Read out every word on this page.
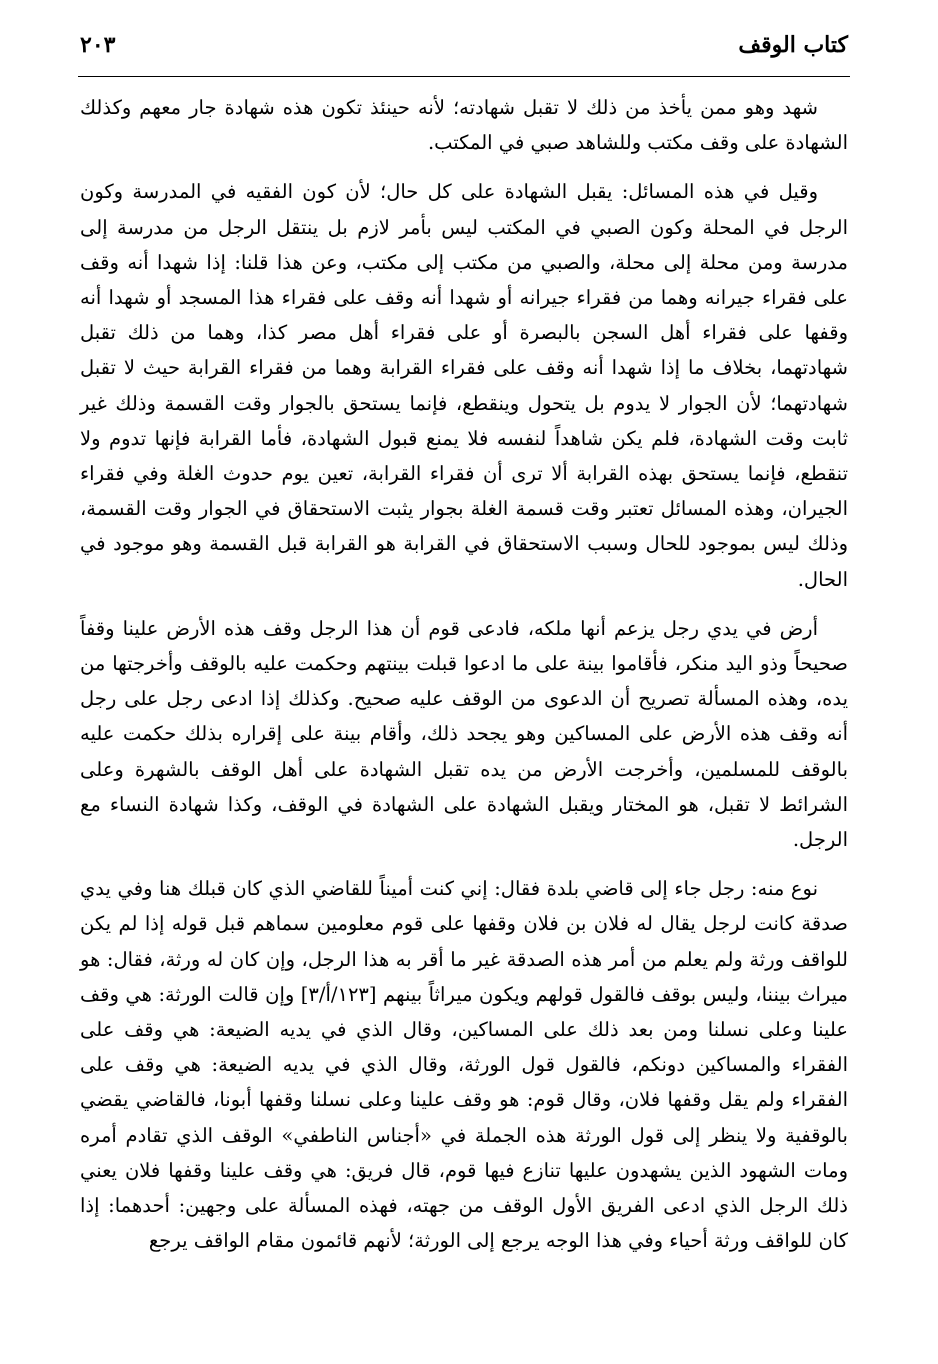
كتاب الوقف
٢٠٣

شهد وهو ممن يأخذ من ذلك لا تقبل شهادته؛ لأنه حينئذ تكون هذه شهادة جار معهم وكذلك الشهادة على وقف مكتب وللشاهد صبي في المكتب.

وقيل في هذه المسائل: يقبل الشهادة على كل حال؛ لأن كون الفقيه في المدرسة وكون الرجل في المحلة وكون الصبي في المكتب ليس بأمر لازم بل ينتقل الرجل من مدرسة إلى مدرسة ومن محلة إلى محلة، والصبي من مكتب إلى مكتب، وعن هذا قلنا: إذا شهدا أنه وقف على فقراء جيرانه وهما من فقراء جيرانه أو شهدا أنه وقف على فقراء هذا المسجد أو شهدا أنه وقفها على فقراء أهل السجن بالبصرة أو على فقراء أهل مصر كذا، وهما من ذلك تقبل شهادتهما، بخلاف ما إذا شهدا أنه وقف على فقراء القرابة وهما من فقراء القرابة حيث لا تقبل شهادتهما؛ لأن الجوار لا يدوم بل يتحول وينقطع، فإنما يستحق بالجوار وقت القسمة وذلك غير ثابت وقت الشهادة، فلم يكن شاهداً لنفسه فلا يمنع قبول الشهادة، فأما القرابة فإنها تدوم ولا تنقطع، فإنما يستحق بهذه القرابة ألا ترى أن فقراء القرابة، تعين يوم حدوث الغلة وفي فقراء الجيران، وهذه المسائل تعتبر وقت قسمة الغلة بجوار يثبت الاستحقاق في الجوار وقت القسمة، وذلك ليس بموجود للحال وسبب الاستحقاق في القرابة هو القرابة قبل القسمة وهو موجود في الحال.

أرض في يدي رجل يزعم أنها ملكه، فادعى قوم أن هذا الرجل وقف هذه الأرض علينا وقفاً صحيحاً وذو اليد منكر، فأقاموا بينة على ما ادعوا قبلت بينتهم وحكمت عليه بالوقف وأخرجتها من يده، وهذه المسألة تصريح أن الدعوى من الوقف عليه صحيح. وكذلك إذا ادعى رجل على رجل أنه وقف هذه الأرض على المساكين وهو يجحد ذلك، وأقام بينة على إقراره بذلك حكمت عليه بالوقف للمسلمين، وأخرجت الأرض من يده تقبل الشهادة على أهل الوقف بالشهرة وعلى الشرائط لا تقبل، هو المختار ويقبل الشهادة على الشهادة في الوقف، وكذا شهادة النساء مع الرجل.

نوع منه: رجل جاء إلى قاضي بلدة فقال: إني كنت أميناً للقاضي الذي كان قبلك هنا وفي يدي صدقة كانت لرجل يقال له فلان بن فلان وقفها على قوم معلومين سماهم قبل قوله إذا لم يكن للواقف ورثة ولم يعلم من أمر هذه الصدقة غير ما أقر به هذا الرجل، وإن كان له ورثة، فقال: هو ميراث بيننا، وليس بوقف فالقول قولهم ويكون ميراثاً بينهم [١٢٣/أ/٣] وإن قالت الورثة: هي وقف علينا وعلى نسلنا ومن بعد ذلك على المساكين، وقال الذي في يديه الضيعة: هي وقف على الفقراء والمساكين دونكم، فالقول قول الورثة، وقال الذي في يديه الضيعة: هي وقف على الفقراء ولم يقل وقفها فلان، وقال قوم: هو وقف علينا وعلى نسلنا وقفها أبونا، فالقاضي يقضي بالوقفية ولا ينظر إلى قول الورثة هذه الجملة في «أجناس الناطفي» الوقف الذي تقادم أمره ومات الشهود الذين يشهدون عليها تنازع فيها قوم، قال فريق: هي وقف علينا وقفها فلان يعني ذلك الرجل الذي ادعى الفريق الأول الوقف من جهته، فهذه المسألة على وجهين: أحدهما: إذا كان للواقف ورثة أحياء وفي هذا الوجه يرجع إلى الورثة؛ لأنهم قائمون مقام الواقف يرجع
